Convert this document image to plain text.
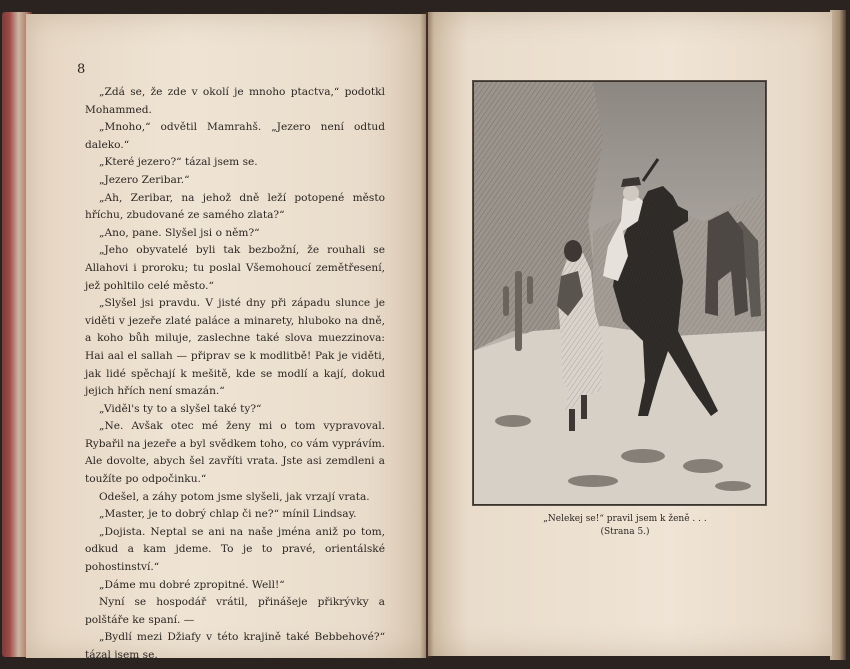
8

„Zdá se, že zde v okolí je mnoho ptactva,“ podotkl Mohammed.

„Mnoho,“ odvětil Mamrahš. „Jezero není odtud daleko.“

„Které jezero?“ tázal jsem se.

„Jezero Zeribar.“

„Ah, Zeribar, na jehož dně leží potopené město hříchu, zbudované ze samého zlata?“

„Ano, pane. Slyšel jsi o něm?“

„Jeho obyvatelé byli tak bezbožní, že rouhali se Allahovi i proroku; tu poslal Všemohoucí zemětřesení, jež pohltilo celé město.“

„Slyšel jsi pravdu. V jisté dny při západu slunce je viděti v jezeře zlaté paláce a minarety, hluboko na dně, a koho bůh miluje, zaslechne také slova muezzinova: Hai aal el sallah — připrav se k modlitbě! Pak je viděti, jak lidé spěchají k mešitě, kde se modlí a kají, dokud jejich hřích není smazán.“

„Viděl's ty to a slyšel také ty?“

„Ne. Avšak otec mé ženy mi o tom vypravoval. Rybařil na jezeře a byl svědkem toho, co vám vyprávím. Ale dovolte, abych šel zavříti vrata. Jste asi zemdleni a toužíte po odpočinku.“

Odešel, a záhy potom jsme slyšeli, jak vrzají vrata.

„Master, je to dobrý chlap či ne?“ mínil Lindsay.

„Dojista. Neptal se ani na naše jména aniž po tom, odkud a kam jdeme. To je to pravé, orientálské pohostinství.“

„Dáme mu dobré zpropitné. Well!“

Nyní se hospodář vrátil, přinášeje přikrývky a polštáře ke spaní. —

„Bydlí mezi Džiafy v této krajině také Bebbehové?“ tázal jsem se.

„Nelekej se!“ pravil jsem k ženě . . .
(Strana 5.)
